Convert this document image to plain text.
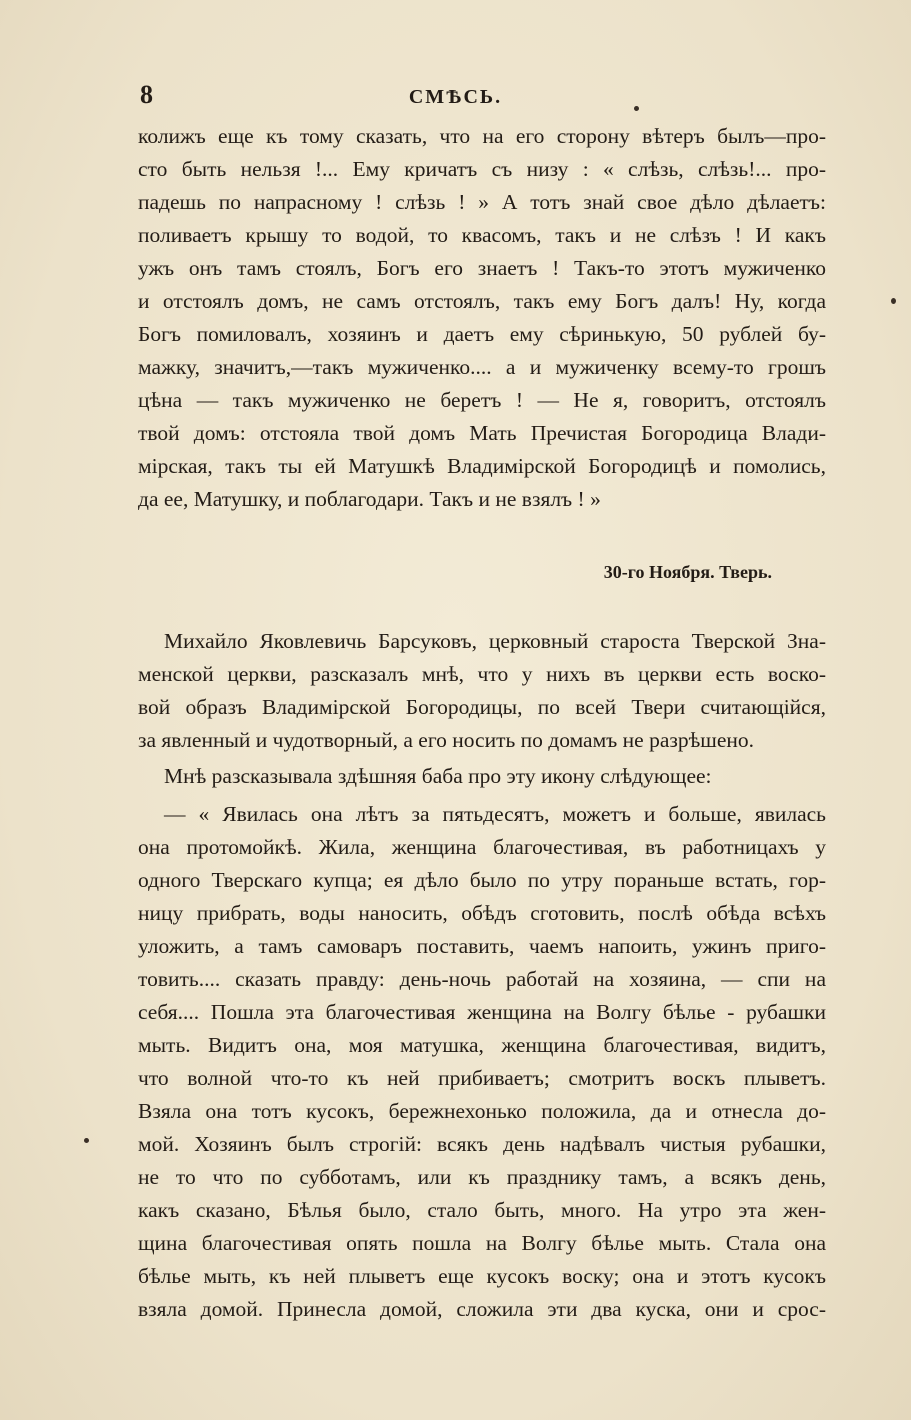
8	СМѢСЬ.
колижъ еще къ тому сказать, что на его сторону вѣтеръ былъ—про-
сто быть нельзя !... Ему кричатъ съ низу : « слѣзь, слѣзь!... про-
падешь по напрасному ! слѣзь ! » А тотъ знай свое дѣло дѣлаетъ:
поливаетъ крышу то водой, то квасомъ, такъ и не слѣзъ ! И какъ
ужъ онъ тамъ стоялъ, Богъ его знаетъ ! Такъ-то этотъ мужиченко
и отстоялъ домъ, не самъ отстоялъ, такъ ему Богъ далъ! Ну, когда
Богъ помиловалъ, хозяинъ и даетъ ему сѣринькую, 50 рублей бу-
мажку, значитъ,—такъ мужиченко.... а и мужиченку всему-то грошъ
цѣна — такъ мужиченко не беретъ ! — Не я, говоритъ, отстоялъ
твой домъ: отстояла твой домъ Мать Пречистая Богородица Влади-
мірская, такъ ты ей Матушкѣ Владимірской Богородицѣ и помолись,
да ее, Матушку, и поблагодари. Такъ и не взялъ ! »
30-го Ноября. Тверь.
Михайло Яковлевичь Барсуковъ, церковный староста Тверской Зна-
менской церкви, разсказалъ мнѣ, что у нихъ въ церкви есть воско-
вой образъ Владимірской Богородицы, по всей Твери считающійся,
за явленный и чудотворный, а его носить по домамъ не разрѣшено.
Мнѣ разсказывала здѣшняя баба про эту икону слѣдующее:
— « Явилась она лѣтъ за пятьдесятъ, можетъ и больше, явилась
она протомойкѣ. Жила, женщина благочестивая, въ работницахъ у
одного Тверскаго купца; ея дѣло было по утру пораньше встать, гор-
ницу прибрать, воды наносить, обѣдъ сготовить, послѣ обѣда всѣхъ
уложить, а тамъ самоваръ поставить, чаемъ напоить, ужинъ приго-
товить.... сказать правду: день-ночь работай на хозяина, — спи на
себя.... Пошла эта благочестивая женщина на Волгу бѣлье - рубашки
мыть. Видитъ она, моя матушка, женщина благочестивая, видитъ,
что волной что-то къ ней прибиваетъ; смотритъ воскъ плыветъ.
Взяла она тотъ кусокъ, бережнехонько положила, да и отнесла до-
мой. Хозяинъ былъ строгій: всякъ день надѣвалъ чистыя рубашки,
не то что по субботамъ, или къ празднику тамъ, а всякъ день,
какъ сказано, Бѣлья было, стало быть, много. На утро эта жен-
щина благочестивая опять пошла на Волгу бѣлье мыть. Стала она
бѣлье мыть, къ ней плыветъ еще кусокъ воску; она и этотъ кусокъ
взяла домой. Принесла домой, сложила эти два куска, они и срос-
